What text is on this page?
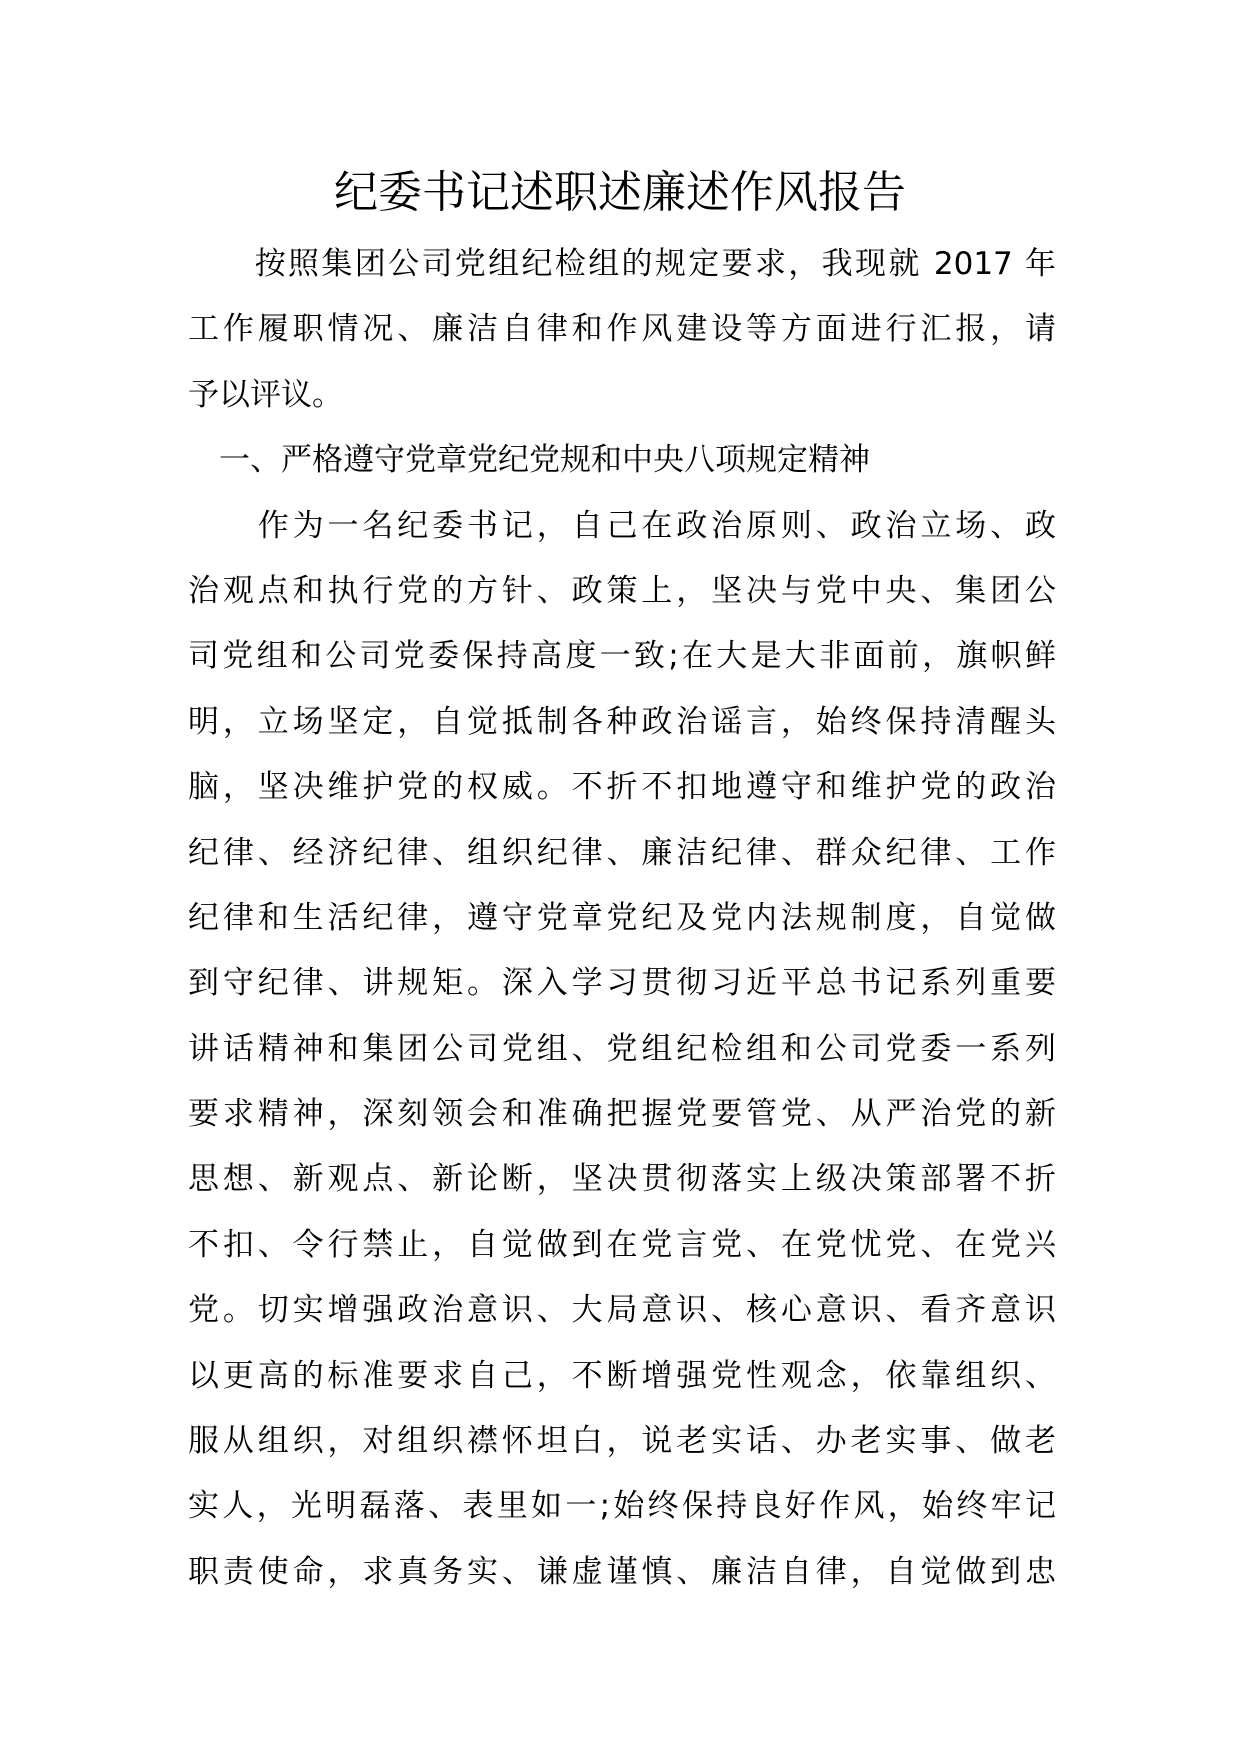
纪委书记述职述廉述作风报告
　　按照集团公司党组纪检组的规定要求，我现就 2017 年
工作履职情况、廉洁自律和作风建设等方面进行汇报，请
予以评议。
　一、严格遵守党章党纪党规和中央八项规定精神
　　作为一名纪委书记，自己在政治原则、政治立场、政
治观点和执行党的方针、政策上，坚决与党中央、集团公
司党组和公司党委保持高度一致;在大是大非面前，旗帜鲜
明，立场坚定，自觉抵制各种政治谣言，始终保持清醒头
脑，坚决维护党的权威。不折不扣地遵守和维护党的政治
纪律、经济纪律、组织纪律、廉洁纪律、群众纪律、工作
纪律和生活纪律，遵守党章党纪及党内法规制度，自觉做
到守纪律、讲规矩。深入学习贯彻习近平总书记系列重要
讲话精神和集团公司党组、党组纪检组和公司党委一系列
要求精神，深刻领会和准确把握党要管党、从严治党的新
思想、新观点、新论断，坚决贯彻落实上级决策部署不折
不扣、令行禁止，自觉做到在党言党、在党忧党、在党兴
党。切实增强政治意识、大局意识、核心意识、看齐意识
以更高的标准要求自己，不断增强党性观念，依靠组织、
服从组织，对组织襟怀坦白，说老实话、办老实事、做老
实人，光明磊落、表里如一;始终保持良好作风，始终牢记
职责使命，求真务实、谦虚谨慎、廉洁自律，自觉做到忠
